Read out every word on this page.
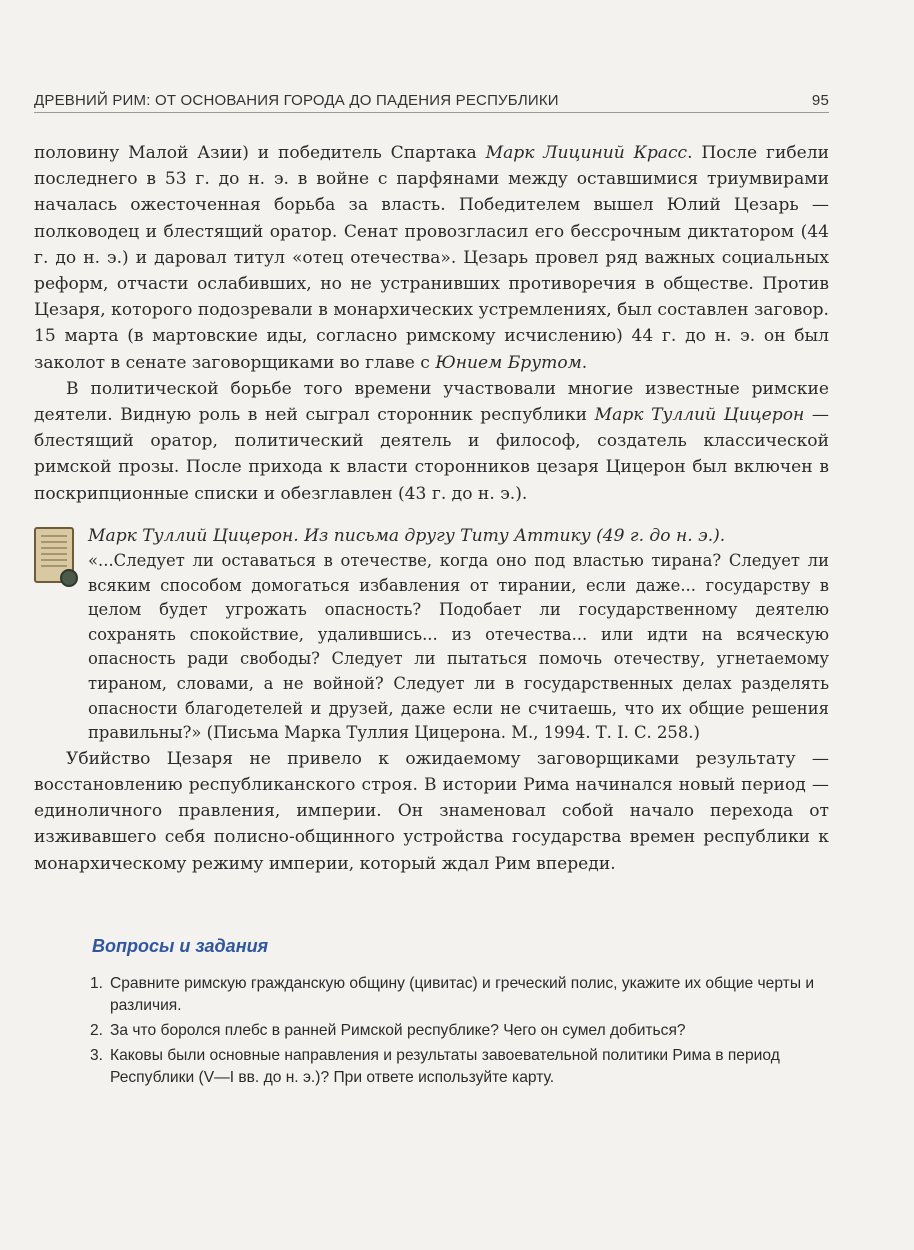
ДРЕВНИЙ РИМ: ОТ ОСНОВАНИЯ ГОРОДА ДО ПАДЕНИЯ РЕСПУБЛИКИ	95

половину Малой Азии) и победитель Спартака Марк Лициний Красс. После гибели последнего в 53 г. до н. э. в войне с парфянами между оставшимися триумвирами началась ожесточенная борьба за власть. Победителем вышел Юлий Цезарь — полководец и блестящий оратор. Сенат провозгласил его бессрочным диктатором (44 г. до н. э.) и даровал титул «отец отечества». Цезарь провел ряд важных социальных реформ, отчасти ослабивших, но не устранивших противоречия в обществе. Против Цезаря, которого подозревали в монархических устремлениях, был составлен заговор. 15 марта (в мартовские иды, согласно римскому исчислению) 44 г. до н. э. он был заколот в сенате заговорщиками во главе с Юнием Брутом.

В политической борьбе того времени участвовали многие известные римские деятели. Видную роль в ней сыграл сторонник республики Марк Туллий Цицерон — блестящий оратор, политический деятель и философ, создатель классической римской прозы. После прихода к власти сторонников цезаря Цицерон был включен в поскрипционные списки и обезглавлен (43 г. до н. э.).

Марк Туллий Цицерон. Из письма другу Титу Аттику (49 г. до н. э.).

«...Следует ли оставаться в отечестве, когда оно под властью тирана? Следует ли всяким способом домогаться избавления от тирании, если даже... государству в целом будет угрожать опасность? Подобает ли государственному деятелю сохранять спокойствие, удалившись... из отечества... или идти на всяческую опасность ради свободы? Следует ли пытаться помочь отечеству, угнетаемому тираном, словами, а не войной? Следует ли в государственных делах разделять опасности благодетелей и друзей, даже если не считаешь, что их общие решения правильны?» (Письма Марка Туллия Цицерона. М., 1994. Т. I. С. 258.)

Убийство Цезаря не привело к ожидаемому заговорщиками результату — восстановлению республиканского строя. В истории Рима начинался новый период — единоличного правления, империи. Он знаменовал собой начало перехода от изживавшего себя полисно-общинного устройства государства времен республики к монархическому режиму империи, который ждал Рим впереди.

Вопросы и задания
1. Сравните римскую гражданскую общину (цивитас) и греческий полис, укажите их общие черты и различия.
2. За что боролся плебс в ранней Римской республике? Чего он сумел добиться?
3. Каковы были основные направления и результаты завоевательной политики Рима в период Республики (V—I вв. до н. э.)? При ответе используйте карту.
